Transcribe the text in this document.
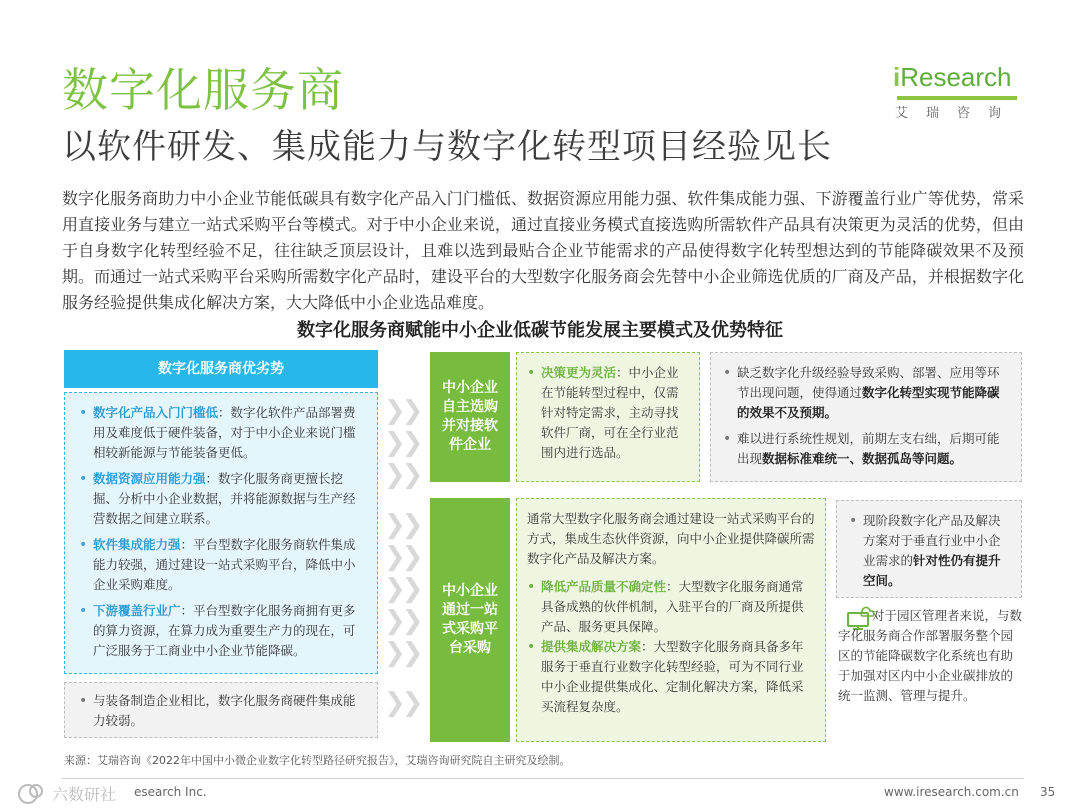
数字化服务商
以软件研发、集成能力与数字化转型项目经验见长
iResearch
艾瑞咨询
数字化服务商助力中小企业节能低碳具有数字化产品入门门槛低、数据资源应用能力强、软件集成能力强、下游覆盖行业广等优势，常采用直接业务与建立一站式采购平台等模式。对于中小企业来说，通过直接业务模式直接选购所需软件产品具有决策更为灵活的优势，但由于自身数字化转型经验不足，往往缺乏顶层设计，且难以选到最贴合企业节能需求的产品使得数字化转型想达到的节能降碳效果不及预期。而通过一站式采购平台采购所需数字化产品时，建设平台的大型数字化服务商会先替中小企业筛选优质的厂商及产品，并根据数字化服务经验提供集成化解决方案，大大降低中小企业选品难度。
数字化服务商赋能中小企业低碳节能发展主要模式及优势特征
数字化服务商优劣势
• 数字化产品入门门槛低：数字化软件产品部署费用及难度低于硬件装备，对于中小企业来说门槛相较新能源与节能装备更低。
• 数据资源应用能力强：数字化服务商更擅长挖掘、分析中小企业数据，并将能源数据与生产经营数据之间建立联系。
• 软件集成能力强：平台型数字化服务商软件集成能力较强，通过建设一站式采购平台，降低中小企业采购难度。
• 下游覆盖行业广：平台型数字化服务商拥有更多的算力资源，在算力成为重要生产力的现在，可广泛服务于工商业中小企业节能降碳。
• 与装备制造企业相比，数字化服务商硬件集成能力较弱。
❯❯
❯❯
❯❯
❯❯
❯❯
❯❯
❯❯
❯❯
❯❯
中小企业自主选购并对接软件企业
• 决策更为灵活：中小企业在节能转型过程中，仅需针对特定需求，主动寻找软件厂商，可在全行业范围内进行选品。
• 缺乏数字化升级经验导致采购、部署、应用等环节出现问题，使得通过数字化转型实现节能降碳的效果不及预期。
• 难以进行系统性规划，前期左支右绌，后期可能出现数据标准难统一、数据孤岛等问题。
中小企业通过一站式采购平台采购
通常大型数字化服务商会通过建设一站式采购平台的方式，集成生态伙伴资源，向中小企业提供降碳所需数字化产品及解决方案。
• 降低产品质量不确定性：大型数字化服务商通常具备成熟的伙伴机制，入驻平台的厂商及所提供产品、服务更具保障。
• 提供集成解决方案：大型数字化服务商具备多年服务于垂直行业数字化转型经验，可为不同行业中小企业提供集成化、定制化解决方案，降低采买流程复杂度。
• 现阶段数字化产品及解决方案对于垂直行业中小企业需求的针对性仍有提升空间。
对于园区管理者来说，与数字化服务商合作部署服务整个园区的节能降碳数字化系统也有助于加强对区内中小企业碳排放的统一监测、管理与提升。
来源：艾瑞咨询《2022年中国中小微企业数字化转型路径研究报告》，艾瑞咨询研究院自主研究及绘制。
六数研社 esearch Inc.	www.iresearch.com.cn 35
